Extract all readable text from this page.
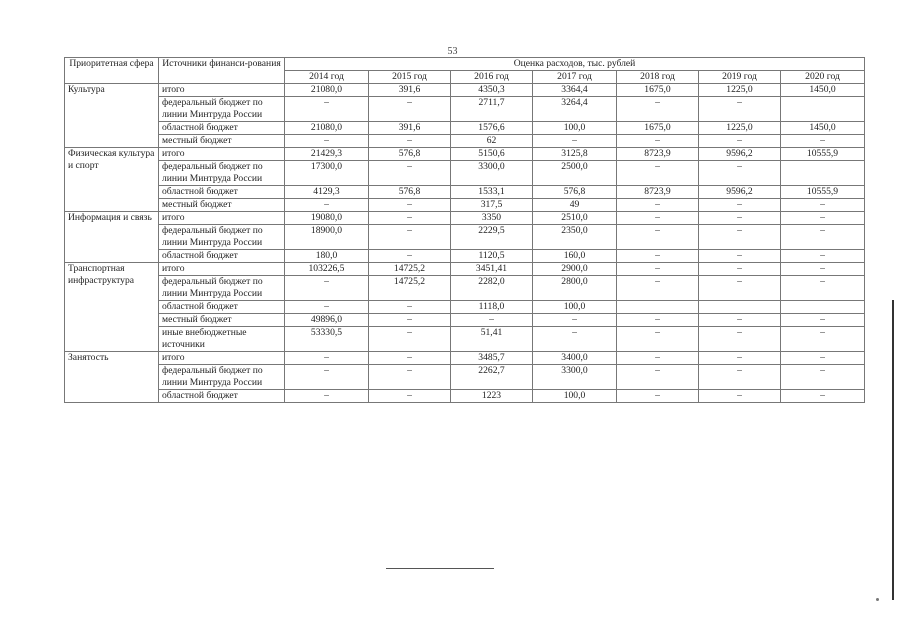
53
Приоритетная сфера	Источники финанси-рования	Оценка расходов, тыс. рублей						
		2014 год	2015 год	2016 год	2017 год	2018 год	2019 год	2020 год
Культура	итого	21080,0	391,6	4350,3	3364,4	1675,0	1225,0	1450,0
	федеральный бюджет по линии Минтруда России	–	–	2711,7	3264,4	–	–	
	областной бюджет	21080,0	391,6	1576,6	100,0	1675,0	1225,0	1450,0
	местный бюджет	–	–	62	–	–	–	–
Физическая культура и спорт	итого	21429,3	576,8	5150,6	3125,8	8723,9	9596,2	10555,9
	федеральный бюджет по линии Минтруда России	17300,0	–	3300,0	2500,0	–	–	
	областной бюджет	4129,3	576,8	1533,1	576,8	8723,9	9596,2	10555,9
	местный бюджет	–	–	317,5	49	–	–	–
Информация и связь	итого	19080,0	–	3350	2510,0	–	–	–
	федеральный бюджет по линии Минтруда России	18900,0	–	2229,5	2350,0	–	–	–
	областной бюджет	180,0	–	1120,5	160,0	–	–	–
Транспортная инфраструктура	итого	103226,5	14725,2	3451,41	2900,0	–	–	–
	федеральный бюджет по линии Минтруда России	–	14725,2	2282,0	2800,0	–	–	–
	областной бюджет	–	–	1118,0	100,0			
	местный бюджет	49896,0	–	–	–	–	–	–
	иные внебюджетные источники	53330,5	–	51,41	–	–	–	–
Занятость	итого	–	–	3485,7	3400,0	–	–	–
	федеральный бюджет по линии Минтруда России	–	–	2262,7	3300,0	–	–	–
	областной бюджет	–	–	1223	100,0	–	–	–
